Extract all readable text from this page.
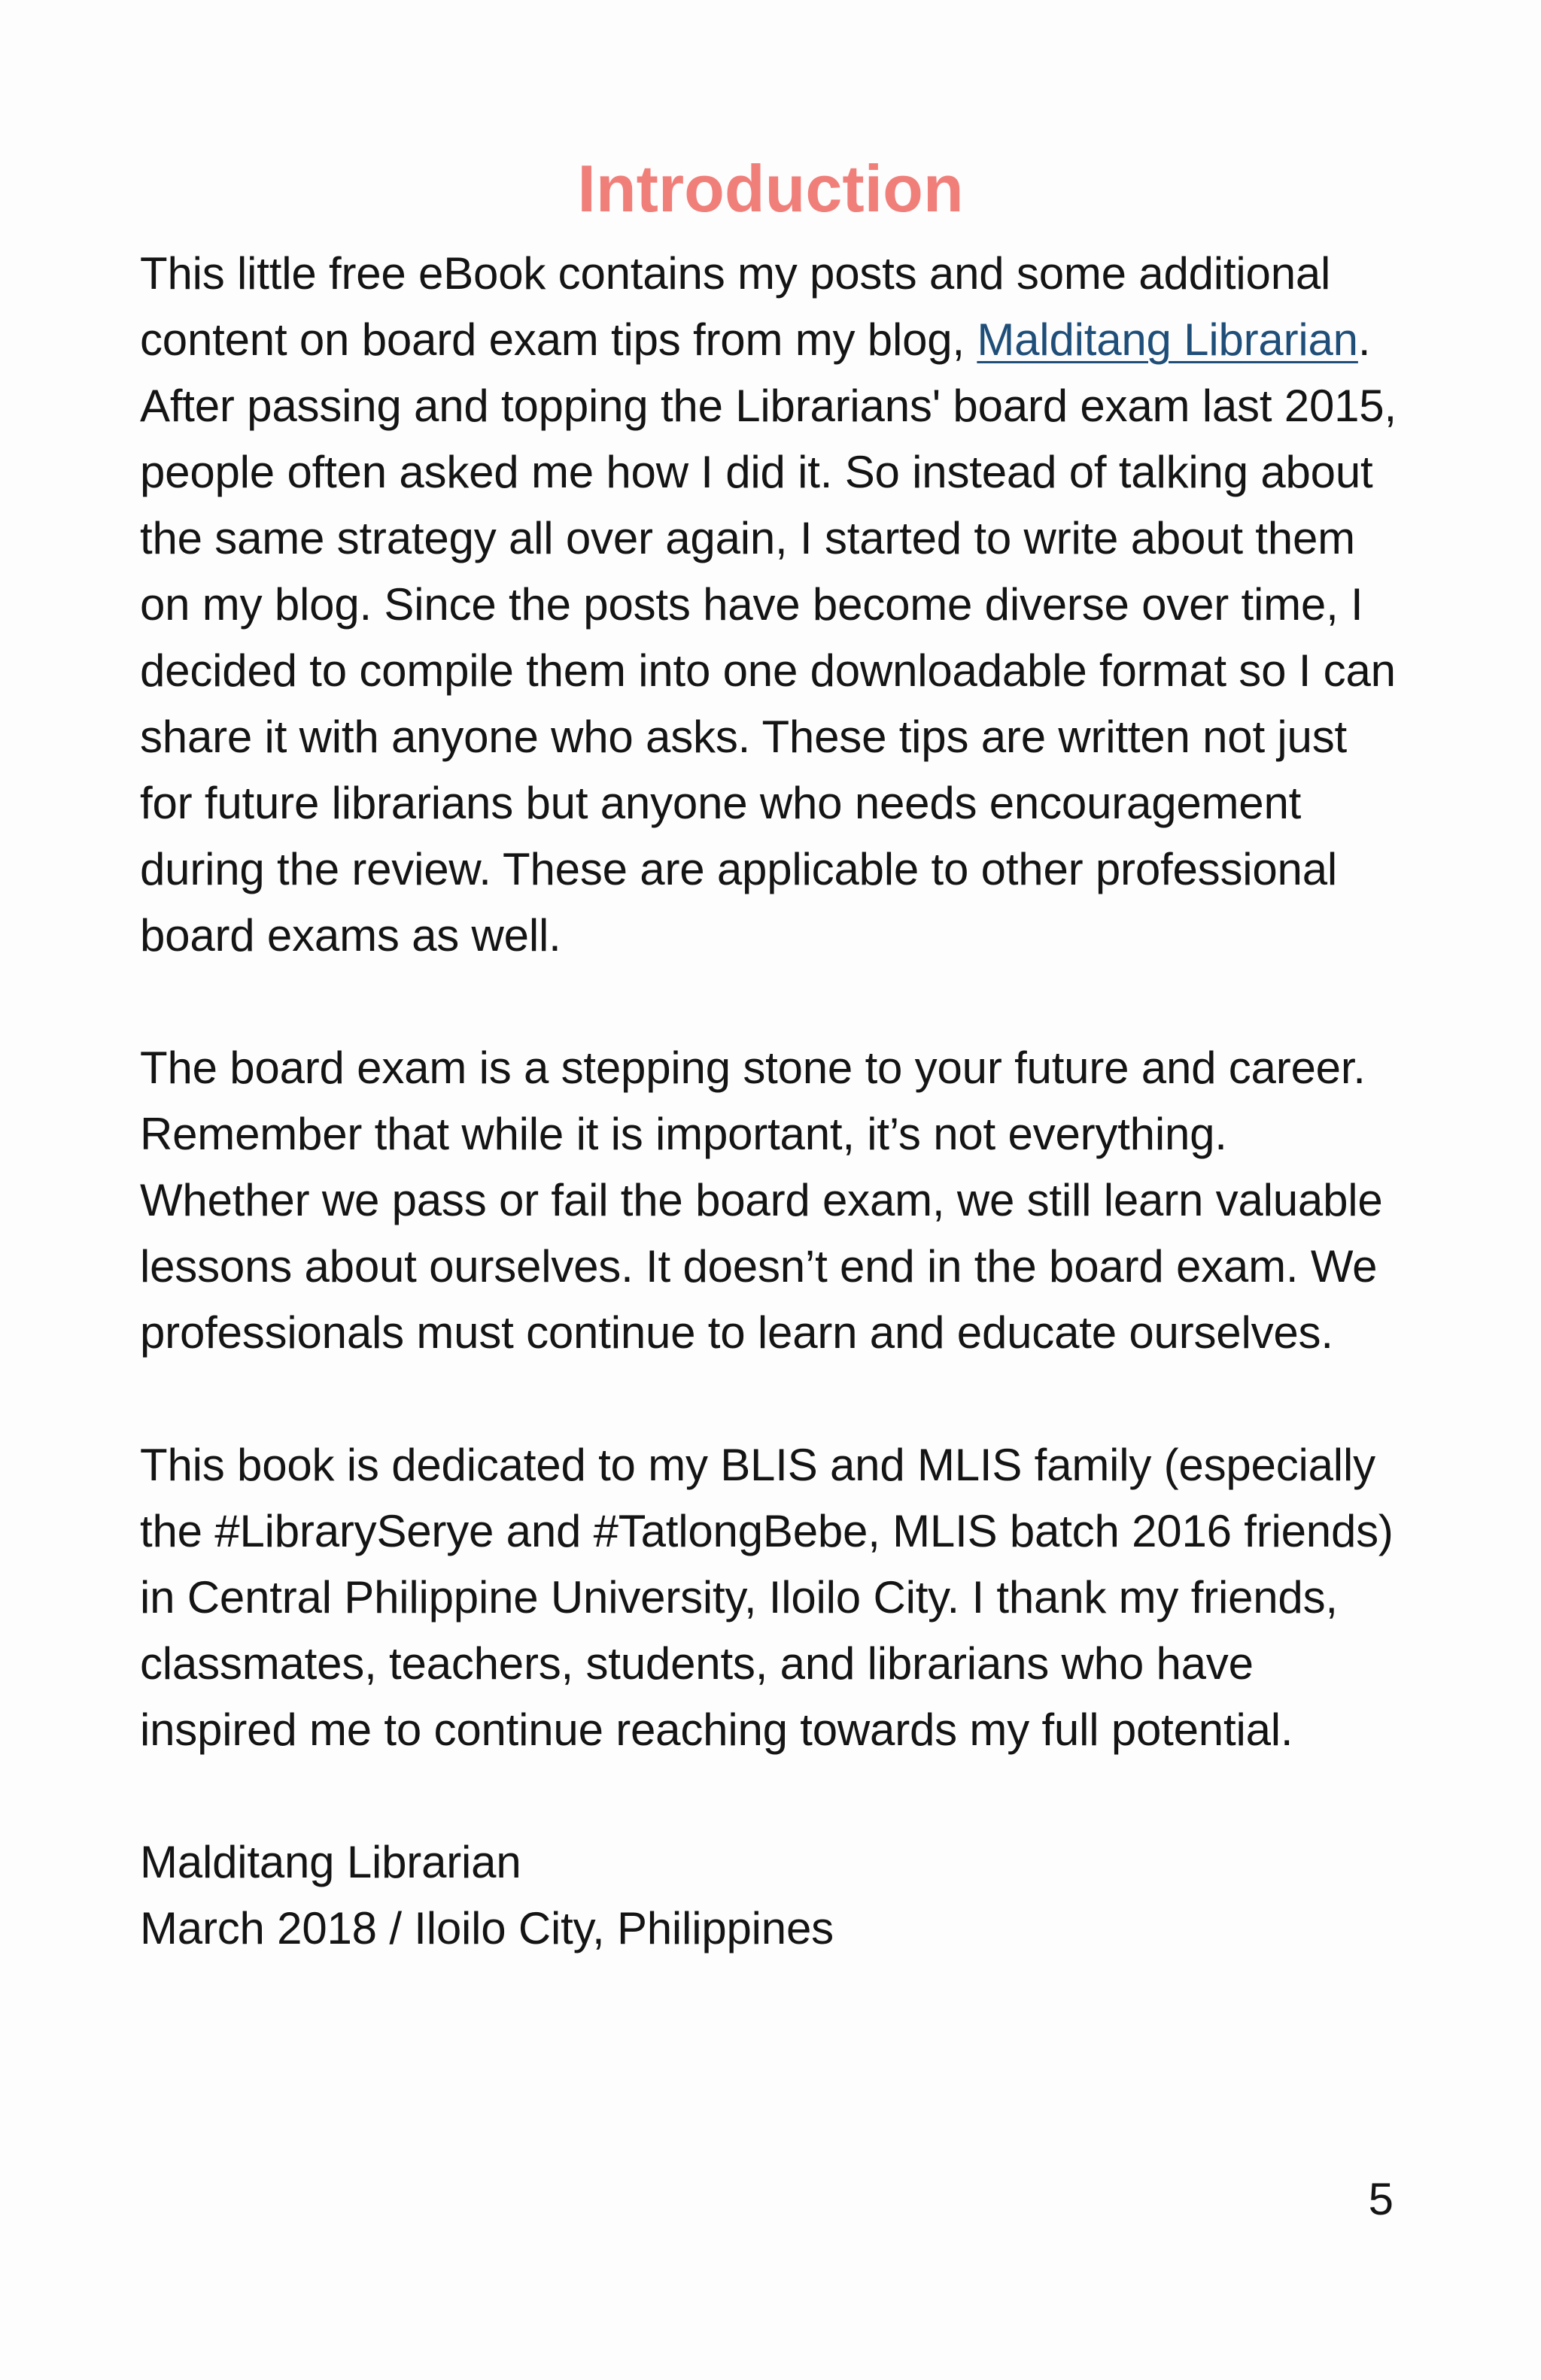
Introduction

This little free eBook contains my posts and some additional content on board exam tips from my blog, Malditang Librarian. After passing and topping the Librarians' board exam last 2015, people often asked me how I did it. So instead of talking about the same strategy all over again, I started to write about them on my blog. Since the posts have become diverse over time, I decided to compile them into one downloadable format so I can share it with anyone who asks. These tips are written not just for future librarians but anyone who needs encouragement during the review. These are applicable to other professional board exams as well.

The board exam is a stepping stone to your future and career. Remember that while it is important, it’s not everything. Whether we pass or fail the board exam, we still learn valuable lessons about ourselves. It doesn’t end in the board exam. We professionals must continue to learn and educate ourselves.

This book is dedicated to my BLIS and MLIS family (especially the #LibrarySerye and #TatlongBebe, MLIS batch 2016 friends) in Central Philippine University, Iloilo City. I thank my friends, classmates, teachers, students, and librarians who have inspired me to continue reaching towards my full potential.

Malditang Librarian
March 2018 / Iloilo City, Philippines
5
